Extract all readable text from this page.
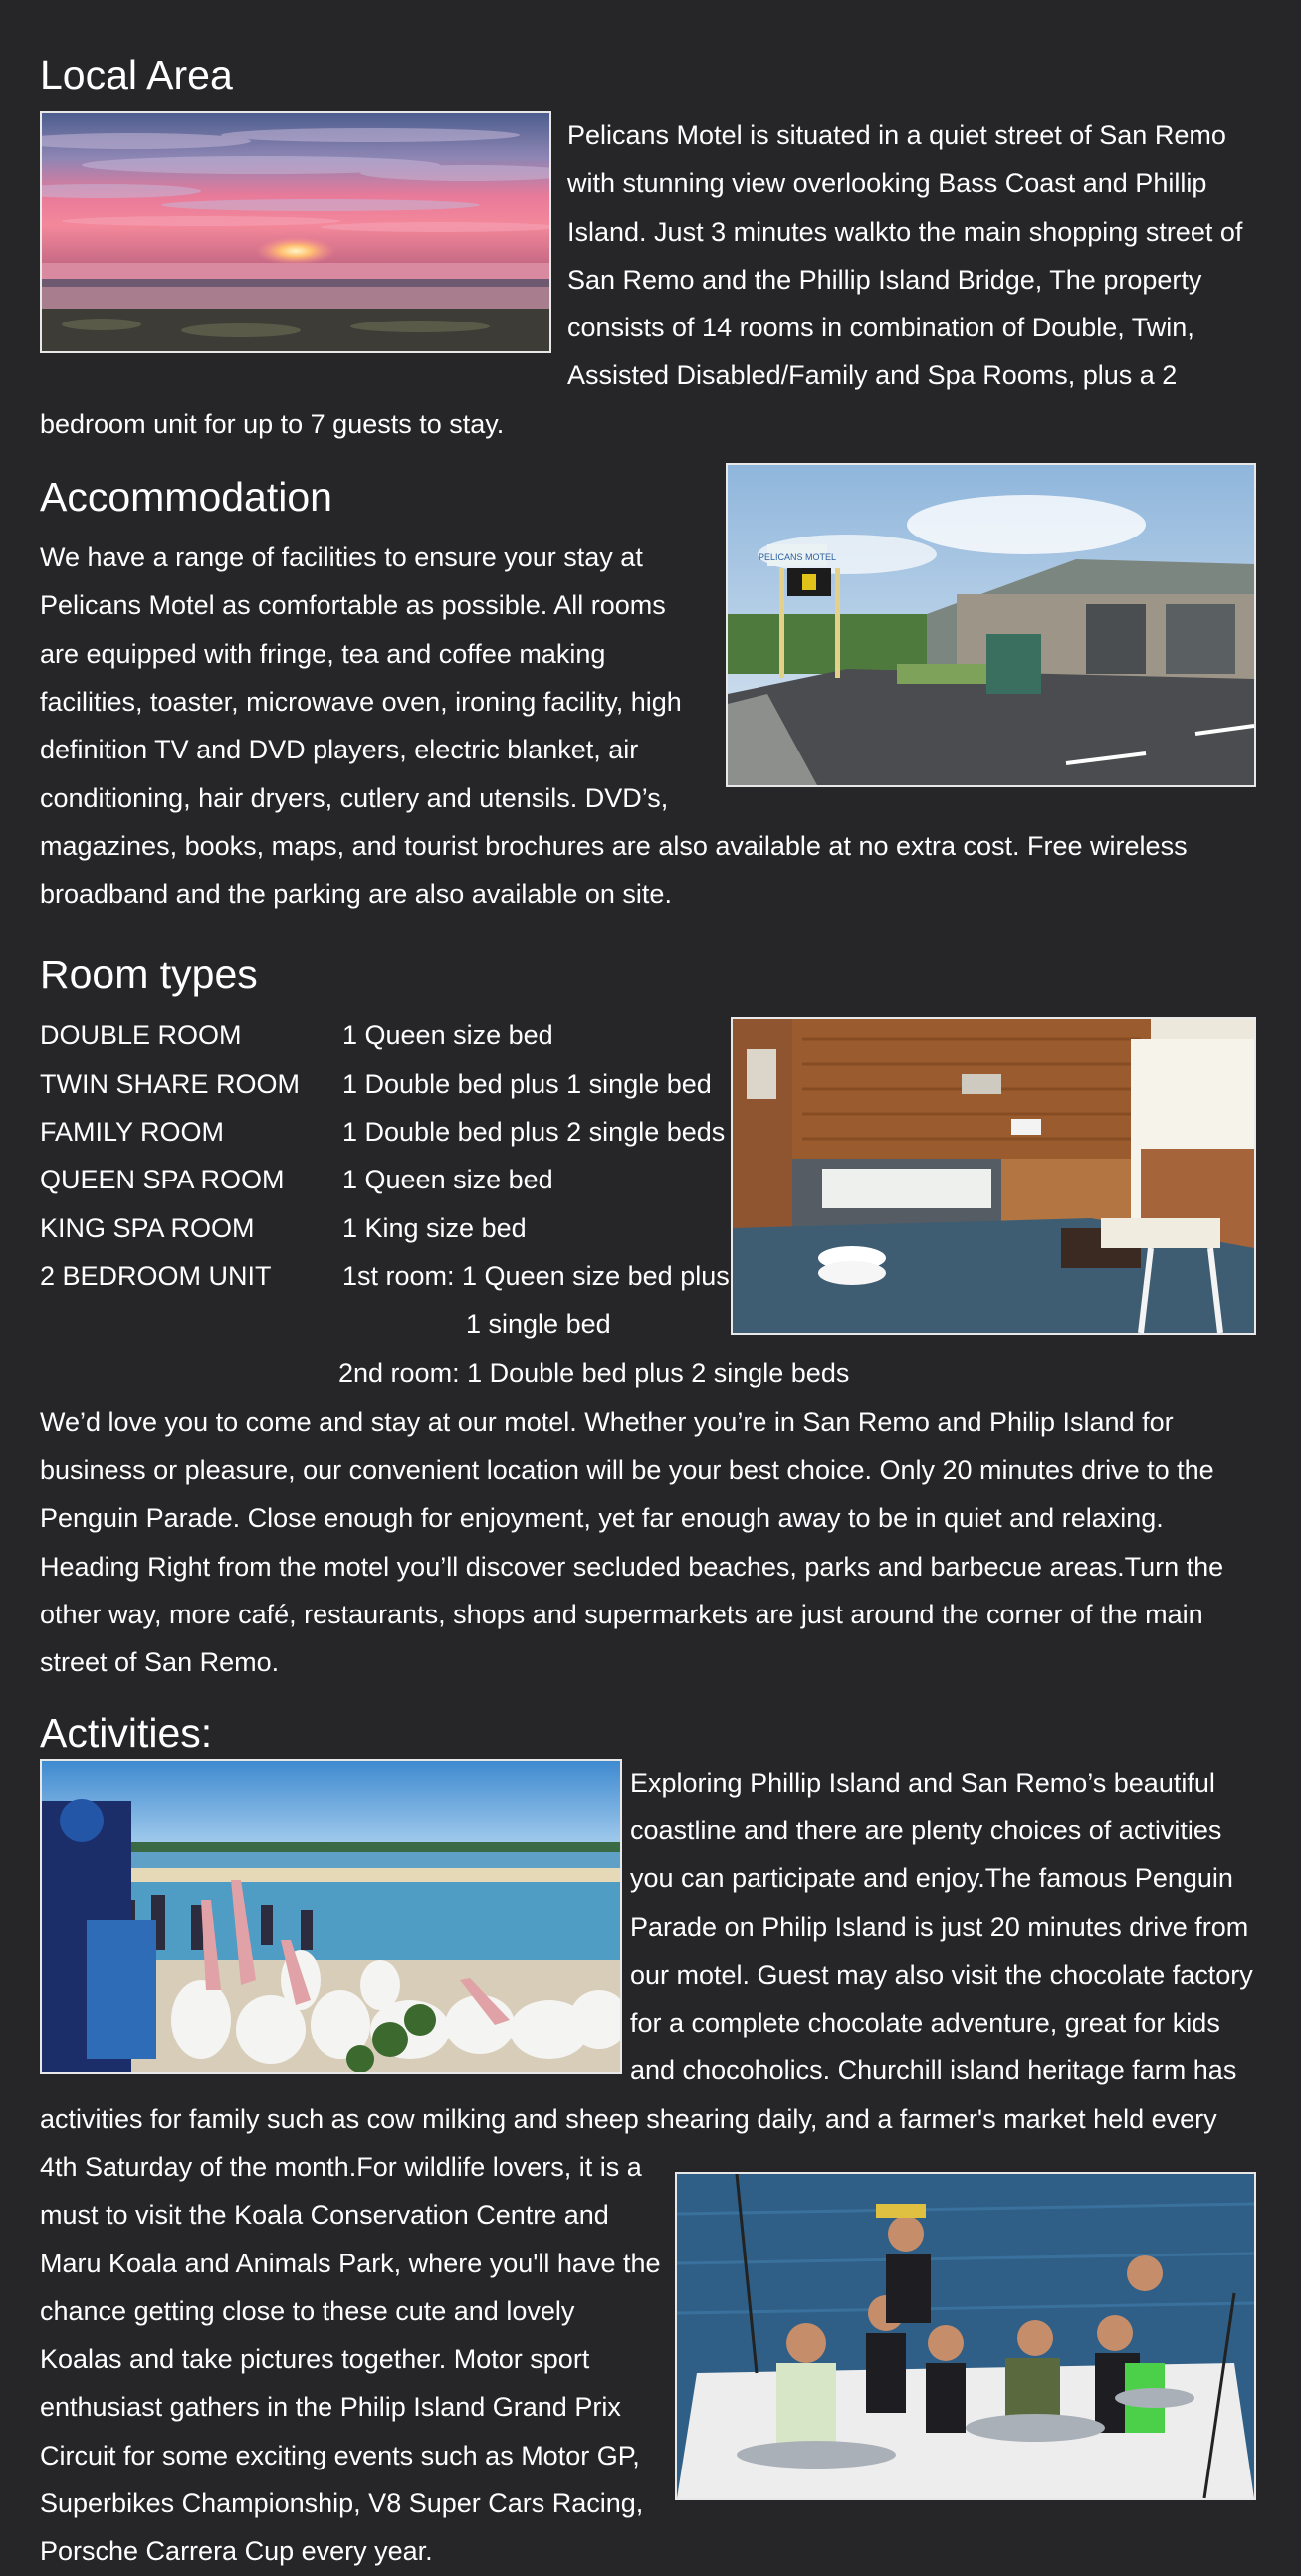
Local Area

Pelicans Motel is situated in a quiet street of San Remo with stunning view overlooking Bass Coast and Phillip Island. Just 3 minutes walkto the main shopping street of San Remo and the Phillip Island Bridge, The property consists of 14 rooms in combination of Double, Twin, Assisted Disabled/Family and Spa Rooms, plus a 2 bedroom unit for up to 7 guests to stay.

PELICANS MOTEL
Accommodation

We have a range of facilities to ensure your stay at Pelicans Motel as comfortable as possible. All rooms are equipped with fringe, tea and coffee making facilities, toaster, microwave oven, ironing facility, high definition TV and DVD players, electric blanket, air conditioning, hair dryers, cutlery and utensils. DVD’s, magazines, books, maps, and tourist brochures are also available at no extra cost. Free wireless broadband and the parking are also available on site.

Room types
DOUBLE ROOM	1 Queen size bed
TWIN SHARE ROOM	1 Double bed plus 1 single bed
FAMILY ROOM	1 Double bed plus 2 single beds
QUEEN SPA ROOM	1 Queen size bed
KING SPA ROOM	1 King size bed
2 BEDROOM UNIT	1st room: 1 Queen size bed plus
1 single bed
2nd room: 1 Double bed plus 2 single beds

We’d love you to come and stay at our motel. Whether you’re in San Remo and Philip Island for business or pleasure, our convenient location will be your best choice. Only 20 minutes drive to the Penguin Parade. Close enough for enjoyment, yet far enough away to be in quiet and relaxing. Heading Right from the motel you’ll discover secluded beaches, parks and barbecue areas.Turn the other way, more café, restaurants, shops and supermarkets are just around the corner of the main street of San Remo.

Activities:

Exploring Phillip Island and San Remo’s beautiful coastline and there are plenty choices of activities you can participate and enjoy.The famous Penguin Parade on Philip Island is just 20 minutes drive from our motel. Guest may also visit the chocolate factory for a complete chocolate adventure, great for kids and chocoholics. Churchill island heritage farm has activities for family such as cow milking and sheep shearing daily, and a farmer's market held every 4th Saturday of the month.For wildlife lovers, it is a must to visit the Koala Conservation Centre and Maru Koala and Animals Park, where you'll have the chance getting close to these cute and lovely Koalas and take pictures together. Motor sport enthusiast gathers in the Philip Island Grand Prix Circuit for some exciting events such as Motor GP, Superbikes Championship, V8 Super Cars Racing, Porsche Carrera Cup every year.
